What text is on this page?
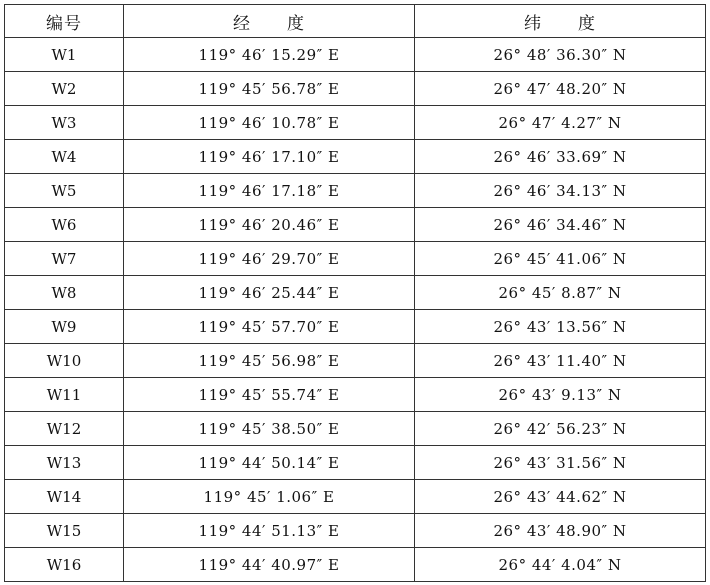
编号	经　　度	纬　　度
W1	119° 46′ 15.29″ E	26° 48′ 36.30″ N
W2	119° 45′ 56.78″ E	26° 47′ 48.20″ N
W3	119° 46′ 10.78″ E	26° 47′ 4.27″ N
W4	119° 46′ 17.10″ E	26° 46′ 33.69″ N
W5	119° 46′ 17.18″ E	26° 46′ 34.13″ N
W6	119° 46′ 20.46″ E	26° 46′ 34.46″ N
W7	119° 46′ 29.70″ E	26° 45′ 41.06″ N
W8	119° 46′ 25.44″ E	26° 45′ 8.87″ N
W9	119° 45′ 57.70″ E	26° 43′ 13.56″ N
W10	119° 45′ 56.98″ E	26° 43′ 11.40″ N
W11	119° 45′ 55.74″ E	26° 43′ 9.13″ N
W12	119° 45′ 38.50″ E	26° 42′ 56.23″ N
W13	119° 44′ 50.14″ E	26° 43′ 31.56″ N
W14	119° 45′ 1.06″ E	26° 43′ 44.62″ N
W15	119° 44′ 51.13″ E	26° 43′ 48.90″ N
W16	119° 44′ 40.97″ E	26° 44′ 4.04″ N
